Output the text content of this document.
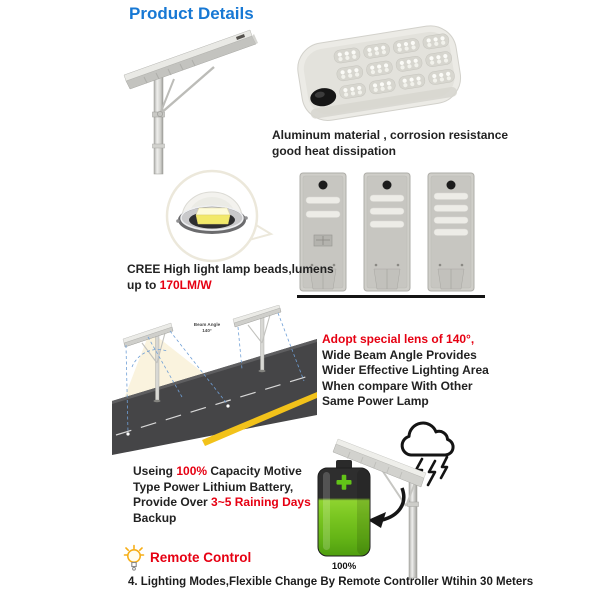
Product Details
Aluminum material , corrosion resistance
good heat dissipation
CREE High light lamp beads,lumens
up to 170LM/W
Beam Angle
140°
Adopt special lens of 140°,
Wide Beam Angle Provides
Wider Effective Lighting Area
When compare With Other
Same Power Lamp
100%
Useing 100% Capacity Motive
Type Power Lithium Battery,
Provide Over 3~5 Raining Days
Backup
Remote Control
4. Lighting Modes,Flexible Change By Remote Controller Wtihin 30 Meters
